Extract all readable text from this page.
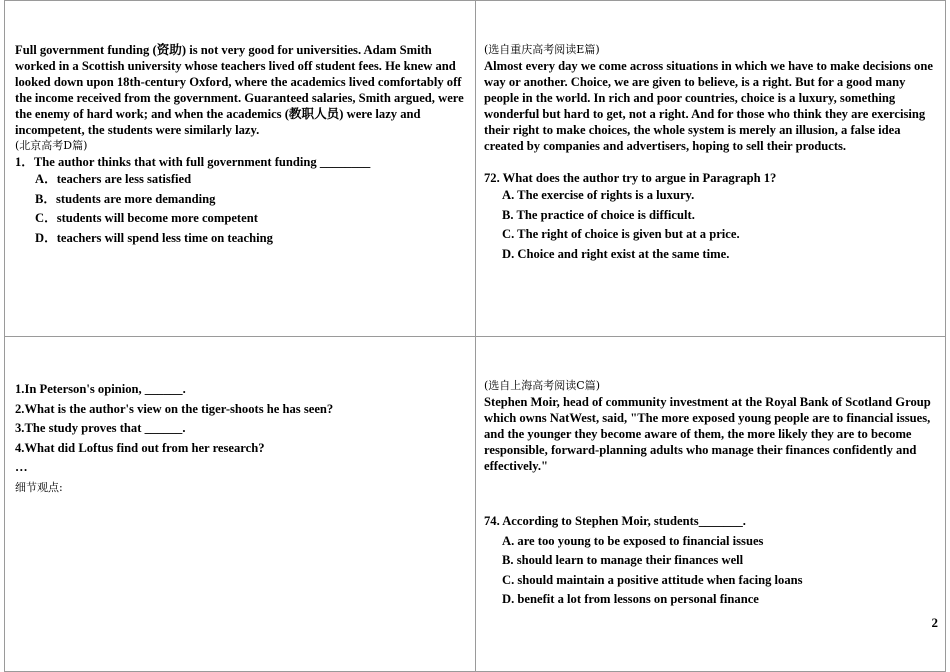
Full government funding (资助) is not very good for universities. Adam Smith worked in a Scottish university whose teachers lived off student fees. He knew and looked down upon 18th-century Oxford, where the academics lived comfortably off the income received from the government. Guaranteed salaries, Smith argued, were the enemy of hard work; and when the academics (教职人员) were lazy and incompetent, the students were similarly lazy.

(北京高考D篇)

1．The author thinks that with full government funding ________

A．teachers are less satisfied

B．students are more demanding

C．students will become more competent

D．teachers will spend less time on teaching

(选自重庆高考阅读E篇)

Almost every day we come across situations in which we have to make decisions one way or another. Choice, we are given to believe, is a right. But for a good many people in the world. In rich and poor countries, choice is a luxury, something wonderful but hard to get, not a right. And for those who think they are exercising their right to make choices, the whole system is merely an illusion, a false idea created by companies and advertisers, hoping to sell their products.

72. What does the author try to argue in Paragraph 1?

A. The exercise of rights is a luxury.

B. The practice of choice is difficult.

C. The right of choice is given but at a price.

D. Choice and right exist at the same time.

1.In Peterson's opinion, ______.

2.What is the author's view on the tiger-shoots he has seen?

3.The study proves that ______.

4.What did Loftus find out from her research?

…

细节观点:

(选自上海高考阅读C篇)

Stephen Moir, head of community investment at the Royal Bank of Scotland Group which owns NatWest, said, "The more exposed young people are to financial issues, and the younger they become aware of them, the more likely they are to become responsible, forward-planning adults who manage their finances confidently and effectively."

74. According to Stephen Moir, students_______.

A. are too young to be exposed to financial issues

B. should learn to manage their finances well

C. should maintain a positive attitude when facing loans

D. benefit a lot from lessons on personal finance

2
